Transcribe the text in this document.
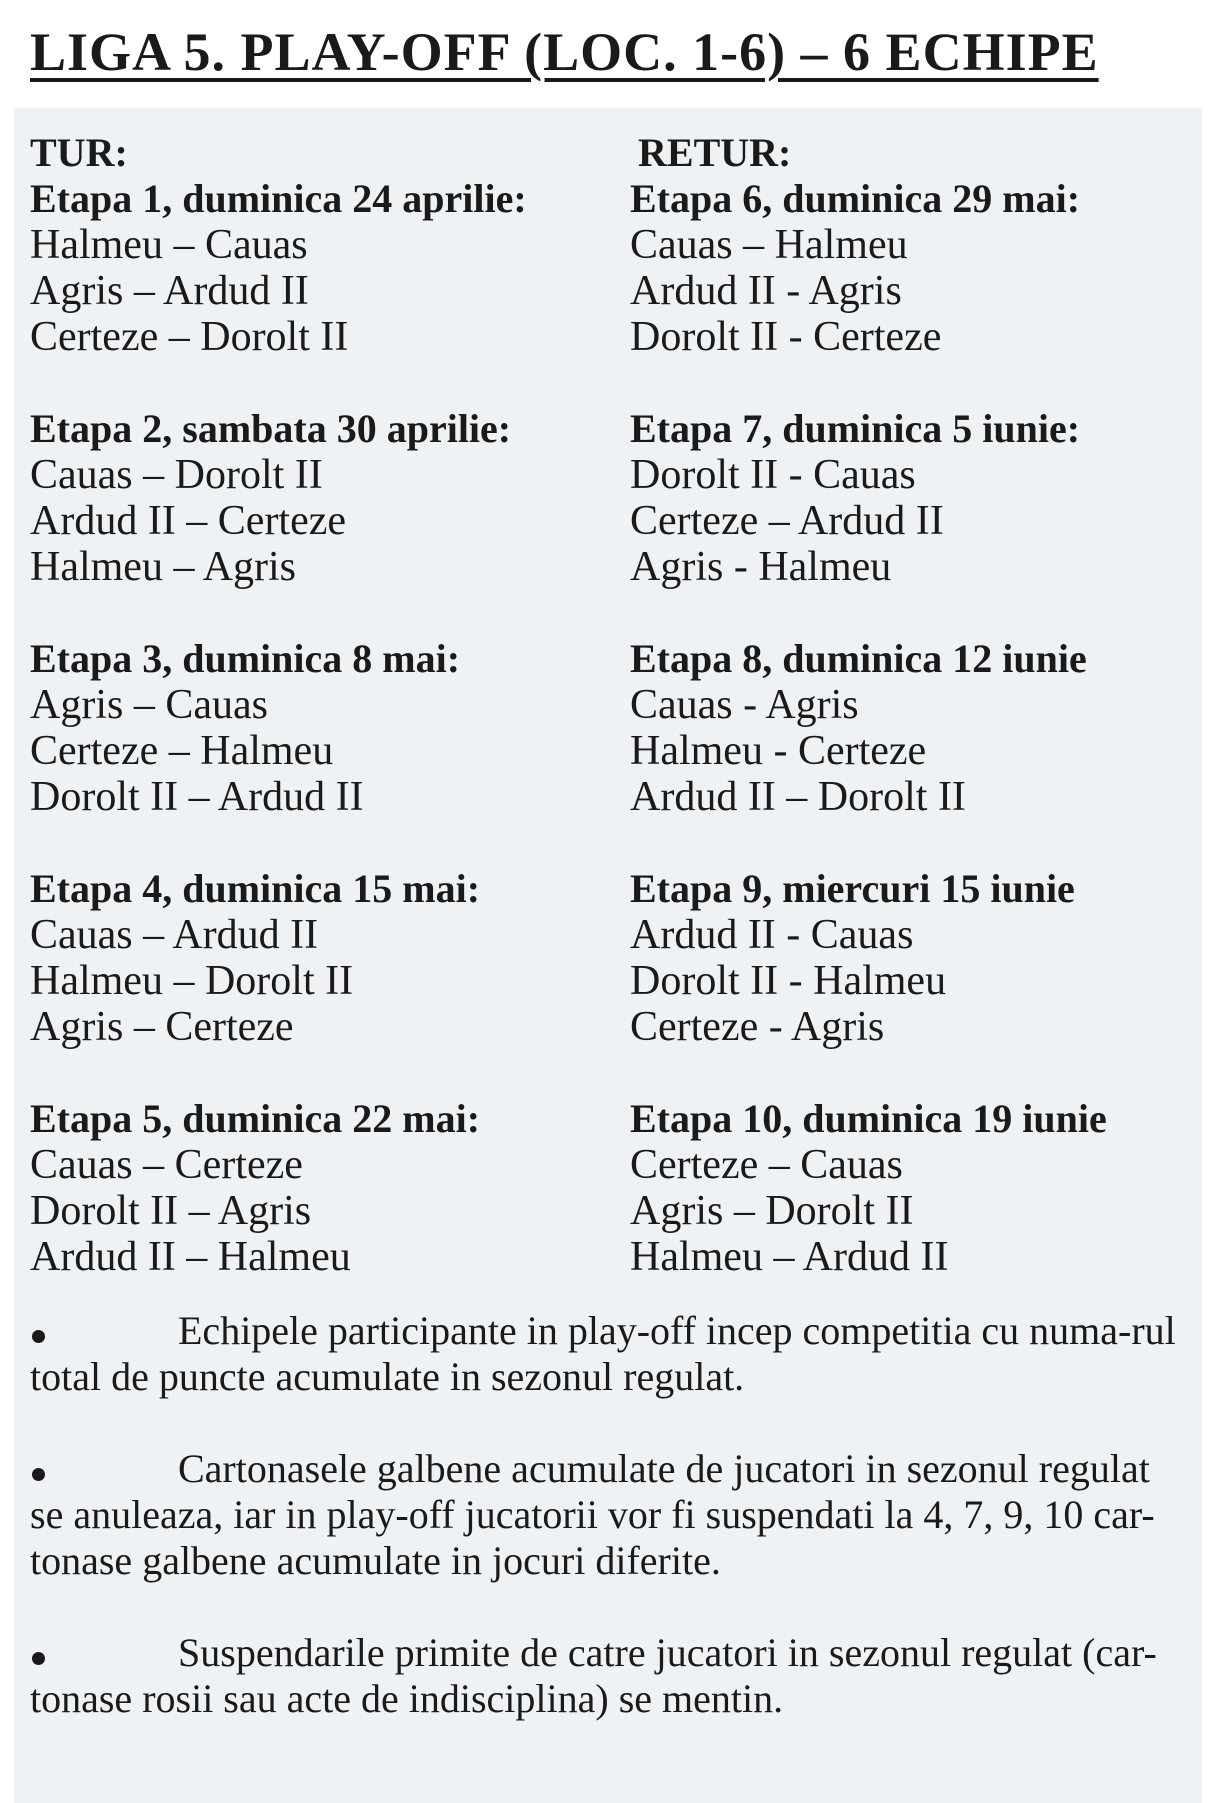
LIGA 5. PLAY-OFF (LOC. 1-6) – 6 ECHIPE
TUR:
Etapa 1, duminica 24 aprilie:
Halmeu – Cauas
Agris – Ardud II
Certeze – Dorolt II
Etapa 2, sambata 30 aprilie:
Cauas – Dorolt II
Ardud II – Certeze
Halmeu – Agris
Etapa 3, duminica 8 mai:
Agris – Cauas
Certeze – Halmeu
Dorolt II – Ardud II
Etapa 4, duminica 15 mai:
Cauas – Ardud II
Halmeu – Dorolt II
Agris – Certeze
Etapa 5, duminica 22 mai:
Cauas – Certeze
Dorolt II – Agris
Ardud II – Halmeu
RETUR:
Etapa 6, duminica 29 mai:
Cauas – Halmeu
Ardud II - Agris
Dorolt II - Certeze
Etapa 7, duminica 5 iunie:
Dorolt II - Cauas
Certeze – Ardud II
Agris - Halmeu
Etapa 8, duminica 12 iunie
Cauas - Agris
Halmeu - Certeze
Ardud II – Dorolt II
Etapa 9, miercuri 15 iunie
Ardud II - Cauas
Dorolt II - Halmeu
Certeze - Agris
Etapa 10, duminica 19 iunie
Certeze – Cauas
Agris – Dorolt II
Halmeu – Ardud II
Echipele participante in play-off incep competitia cu numa-rul total de puncte acumulate in sezonul regulat.
Cartonasele galbene acumulate de jucatori in sezonul regulat se anuleaza, iar in play-off jucatorii vor fi suspendati la 4, 7, 9, 10 car-tonase galbene acumulate in jocuri diferite.
Suspendarile primite de catre jucatori in sezonul regulat (car-tonase rosii sau acte de indisciplina) se mentin.
